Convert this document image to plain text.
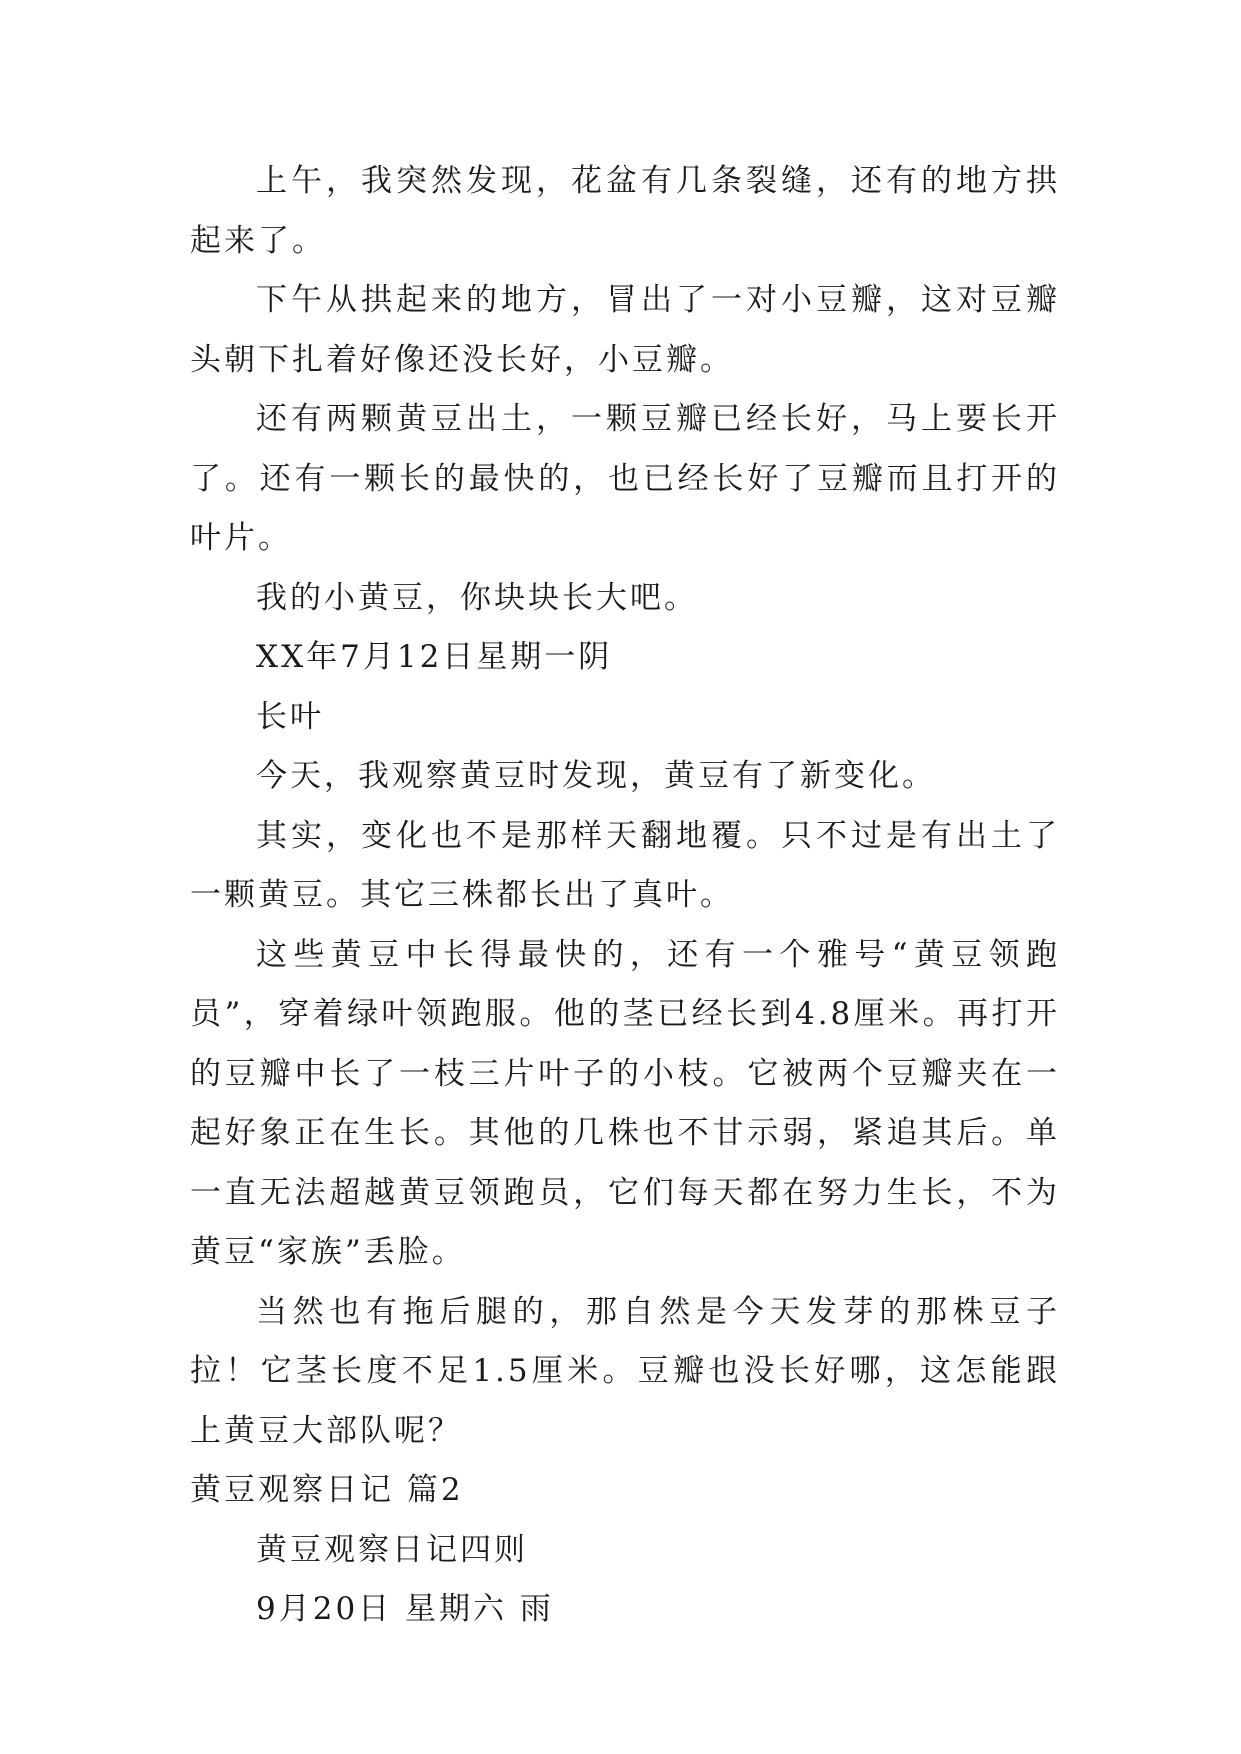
上午，我突然发现，花盆有几条裂缝，还有的地方拱起来了。

下午从拱起来的地方，冒出了一对小豆瓣，这对豆瓣头朝下扎着好像还没长好，小豆瓣。

还有两颗黄豆出土，一颗豆瓣已经长好，马上要长开了。还有一颗长的最快的，也已经长好了豆瓣而且打开的叶片。

我的小黄豆，你块块长大吧。

XX年7月12日星期一阴

长叶

今天，我观察黄豆时发现，黄豆有了新变化。

其实，变化也不是那样天翻地覆。只不过是有出土了一颗黄豆。其它三株都长出了真叶。

这些黄豆中长得最快的，还有一个雅号“黄豆领跑员”，穿着绿叶领跑服。他的茎已经长到4.8厘米。再打开的豆瓣中长了一枝三片叶子的小枝。它被两个豆瓣夹在一起好象正在生长。其他的几株也不甘示弱，紧追其后。单一直无法超越黄豆领跑员，它们每天都在努力生长，不为黄豆“家族”丢脸。

当然也有拖后腿的，那自然是今天发芽的那株豆子拉！它茎长度不足1.5厘米。豆瓣也没长好哪，这怎能跟上黄豆大部队呢？

黄豆观察日记 篇2

黄豆观察日记四则

9月20日 星期六 雨
